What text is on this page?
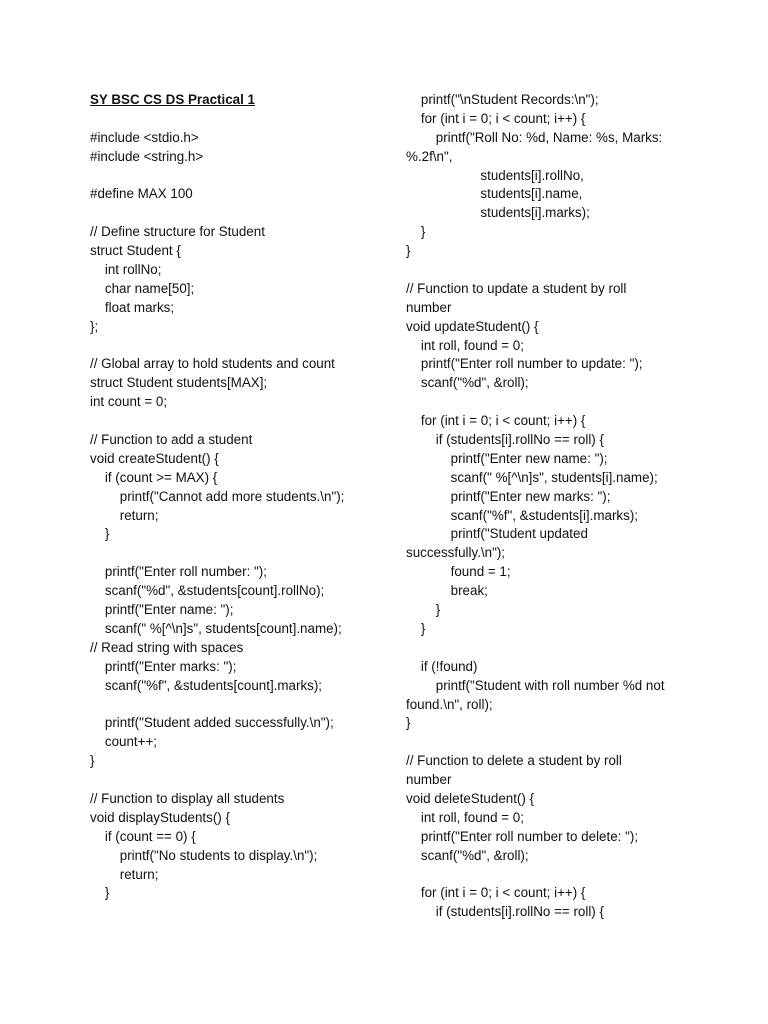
SY BSC CS DS Practical 1
#include <stdio.h>
#include <string.h>
#define MAX 100
// Define structure for Student
struct Student {
int rollNo;
char name[50];
float marks;
};
// Global array to hold students and count
struct Student students[MAX];
int count = 0;
// Function to add a student
void createStudent() {
if (count >= MAX) {
printf("Cannot add more students.\n");
return;
}
printf("Enter roll number: ");
scanf("%d", &students[count].rollNo);
printf("Enter name: ");
scanf(" %[^\n]s", students[count].name);
// Read string with spaces
printf("Enter marks: ");
scanf("%f", &students[count].marks);
printf("Student added successfully.\n");
count++;
}
// Function to display all students
void displayStudents() {
if (count == 0) {
printf("No students to display.\n");
return;
}
printf("\nStudent Records:\n");
for (int i = 0; i < count; i++) {
printf("Roll No: %d, Name: %s, Marks:
%.2f\n",
students[i].rollNo,
students[i].name,
students[i].marks);
}
}
// Function to update a student by roll
number
void updateStudent() {
int roll, found = 0;
printf("Enter roll number to update: ");
scanf("%d", &roll);
for (int i = 0; i < count; i++) {
if (students[i].rollNo == roll) {
printf("Enter new name: ");
scanf(" %[^\n]s", students[i].name);
printf("Enter new marks: ");
scanf("%f", &students[i].marks);
printf("Student updated
successfully.\n");
found = 1;
break;
}
}
if (!found)
printf("Student with roll number %d not
found.\n", roll);
}
// Function to delete a student by roll
number
void deleteStudent() {
int roll, found = 0;
printf("Enter roll number to delete: ");
scanf("%d", &roll);
for (int i = 0; i < count; i++) {
if (students[i].rollNo == roll) {
